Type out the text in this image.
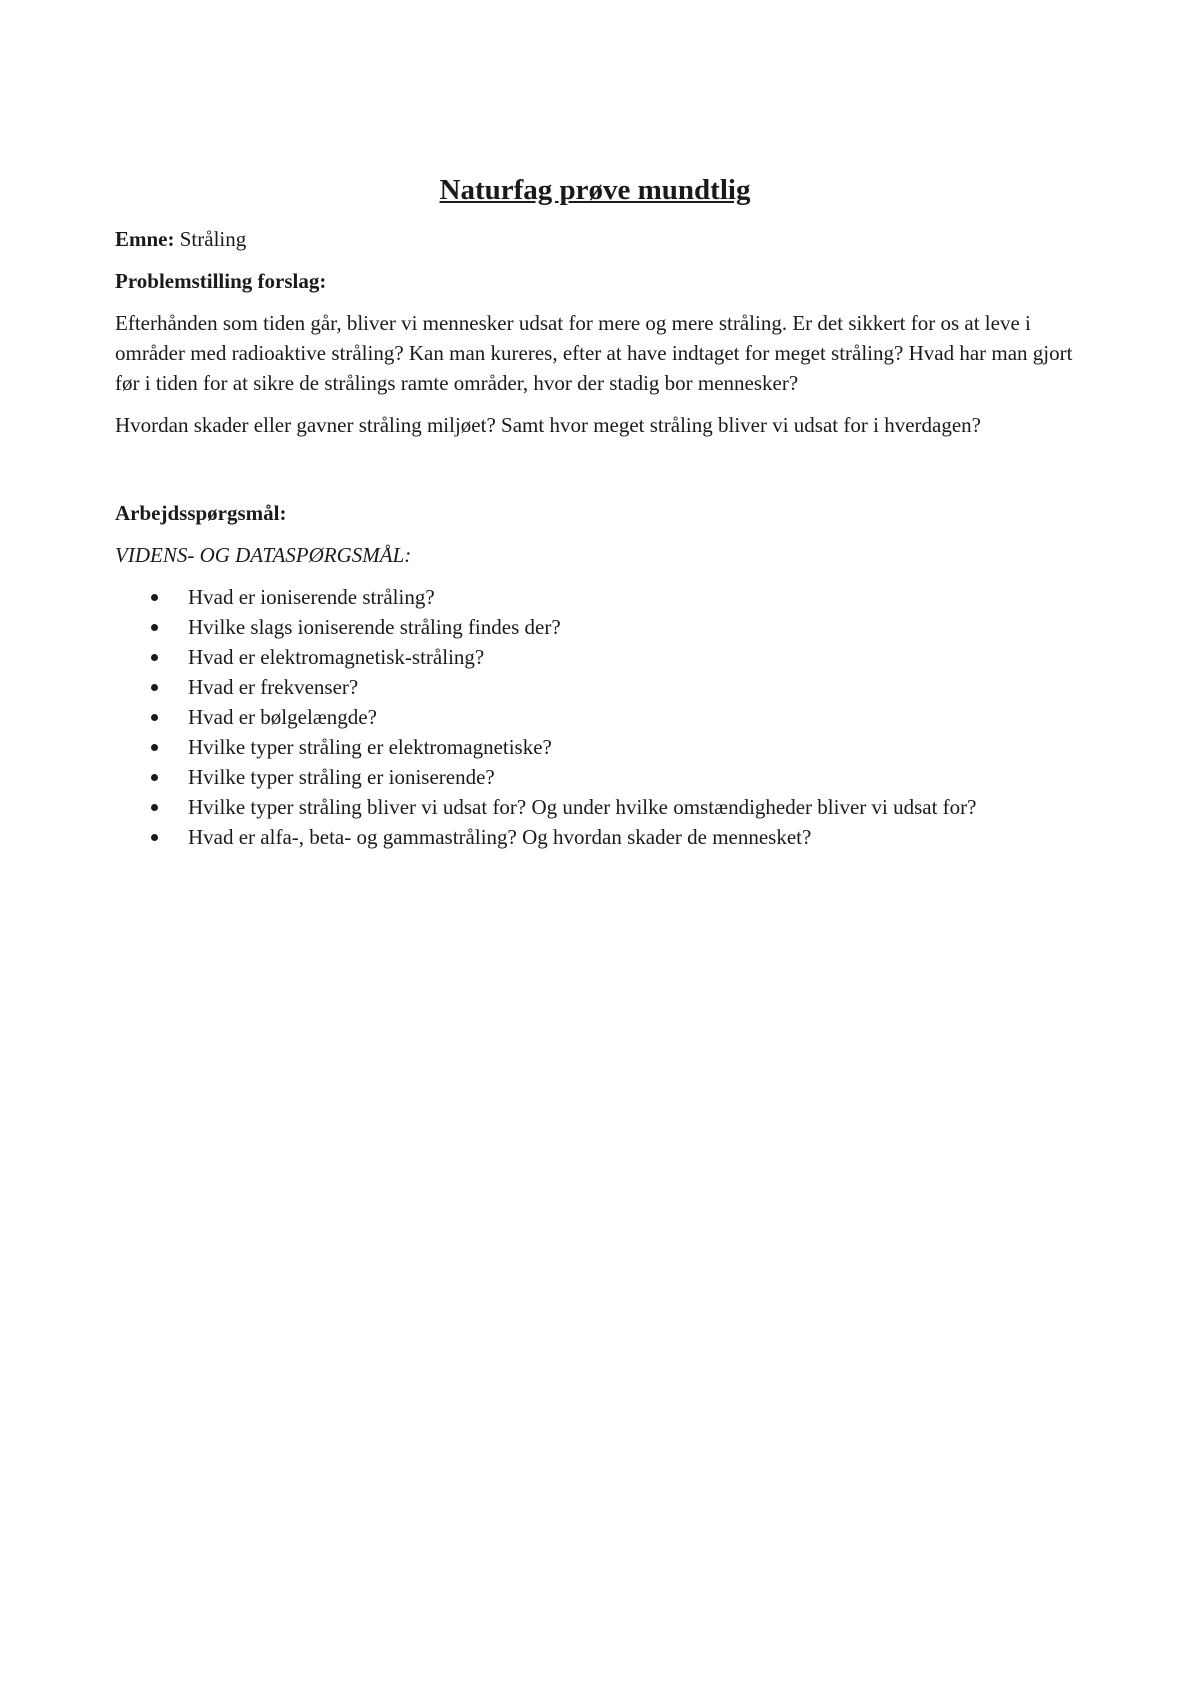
Naturfag prøve mundtlig

Emne: Stråling

Problemstilling forslag:

Efterhånden som tiden går, bliver vi mennesker udsat for mere og mere stråling. Er det sikkert for os at leve i områder med radioaktive stråling? Kan man kureres, efter at have indtaget for meget stråling? Hvad har man gjort før i tiden for at sikre de strålings ramte områder, hvor der stadig bor mennesker?

Hvordan skader eller gavner stråling miljøet? Samt hvor meget stråling bliver vi udsat for i hverdagen?

Arbejdsspørgsmål:

VIDENS- OG DATASPØRGSMÅL:

Hvad er ioniserende stråling?
Hvilke slags ioniserende stråling findes der?
Hvad er elektromagnetisk-stråling?
Hvad er frekvenser?
Hvad er bølgelængde?
Hvilke typer stråling er elektromagnetiske?
Hvilke typer stråling er ioniserende?
Hvilke typer stråling bliver vi udsat for? Og under hvilke omstændigheder bliver vi udsat for?
Hvad er alfa-, beta- og gammastråling? Og hvordan skader de mennesket?
